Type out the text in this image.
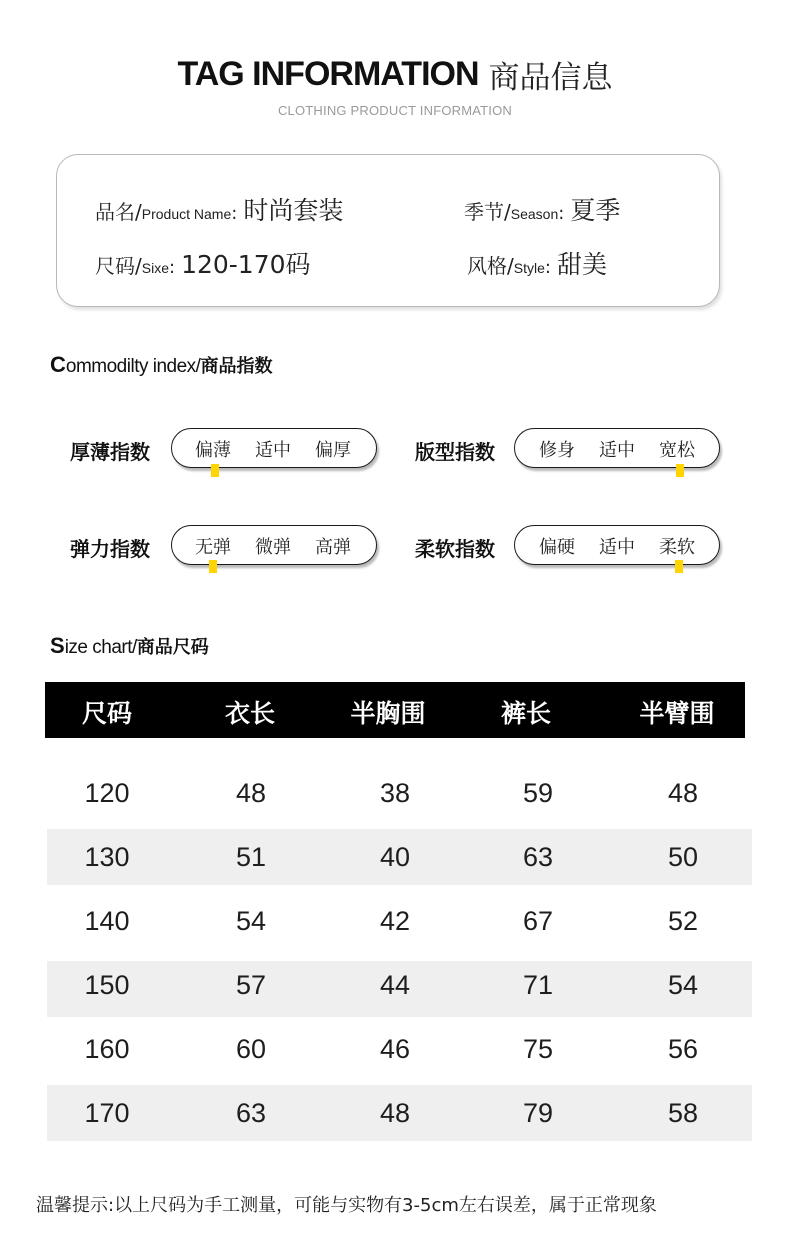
TAG INFORMATION 商品信息
CLOTHING PRODUCT INFORMATION
品名/Product Name: 时尚套装	季节/Season: 夏季
尺码/Sixe: 120-170码	风格/Style: 甜美
Commodilty index/商品指数
厚薄指数	偏薄 适中 偏厚	版型指数 修身 适中 宽松
弹力指数	无弹 微弹 高弹	柔软指数 偏硬 适中 柔软
Size chart/商品尺码
尺码	衣长	半胸围	裤长	半臂围
120	48	38	59	48
130	51	40	63	50
140	54	42	67	52
150	57	44	71	54
160	60	46	75	56
170	63	48	79	58
温馨提示:以上尺码为手工测量，可能与实物有3-5cm左右误差，属于正常现象
